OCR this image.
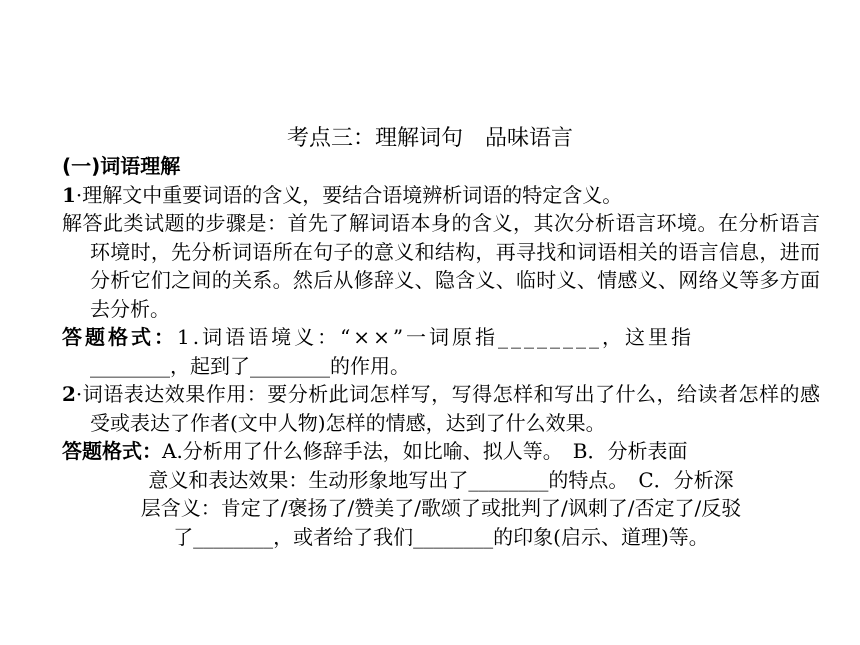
考点三：理解词句　品味语言

(一)词语理解

1·理解文中重要词语的含义，要结合语境辨析词语的特定含义。

解答此类试题的步骤是：首先了解词语本身的含义，其次分析语言环境。在分析语言环境时，先分析词语所在句子的意义和结构，再寻找和词语相关的语言信息，进而分析它们之间的关系。然后从修辞义、隐含义、临时义、情感义、网络义等多方面去分析。

答题格式：1.词语语境义：“××”一词原指________，这里指

________，起到了________的作用。

2·词语表达效果作用：要分析此词怎样写，写得怎样和写出了什么，给读者怎样的感受或表达了作者(文中人物)怎样的情感，达到了什么效果。

答题格式：A.分析用了什么修辞手法，如比喻、拟人等。　B．分析表面

意义和表达效果：生动形象地写出了________的特点。　C．分析深

层含义：肯定了/褒扬了/赞美了/歌颂了或批判了/讽刺了/否定了/反驳

了________，或者给了我们________的印象(启示、道理)等。
